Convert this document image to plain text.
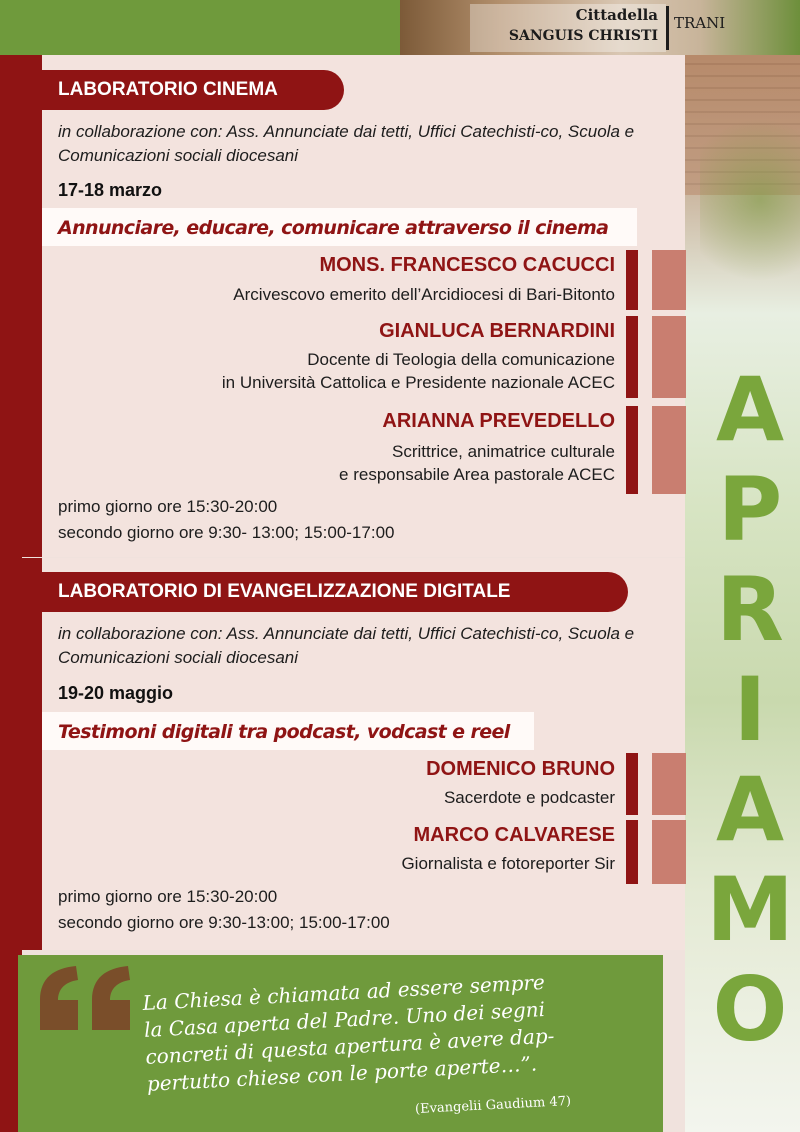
Cittadella
SANGUIS CHRISTI
TRANI
LABORATORIO CINEMA
in collaborazione con: Ass. Annunciate dai tetti, Uffici Catechisti-co, Scuola e Comunicazioni sociali diocesani
17-18 marzo
Annunciare, educare, comunicare attraverso il cinema
MONS. FRANCESCO CACUCCI
Arcivescovo emerito dell’Arcidiocesi di Bari-Bitonto
GIANLUCA BERNARDINI
Docente di Teologia della comunicazione
in Università Cattolica e Presidente nazionale ACEC
ARIANNA PREVEDELLO
Scrittrice, animatrice culturale
e responsabile Area pastorale ACEC
primo giorno ore 15:30-20:00
secondo giorno ore 9:30- 13:00; 15:00-17:00
LABORATORIO DI EVANGELIZZAZIONE DIGITALE
in collaborazione con: Ass. Annunciate dai tetti, Uffici Catechisti-co, Scuola e Comunicazioni sociali diocesani
19-20 maggio
Testimoni digitali tra podcast, vodcast e reel
DOMENICO BRUNO
Sacerdote e podcaster
MARCO CALVARESE
Giornalista e fotoreporter Sir
primo giorno ore 15:30-20:00
secondo giorno ore 9:30-13:00; 15:00-17:00
A
P
R
I
A
M
O
La Chiesa è chiamata ad essere sempre
la Casa aperta del Padre. Uno dei segni
concreti di questa apertura è avere dap-
pertutto chiese con le porte aperte…”.
(Evangelii Gaudium 47)
